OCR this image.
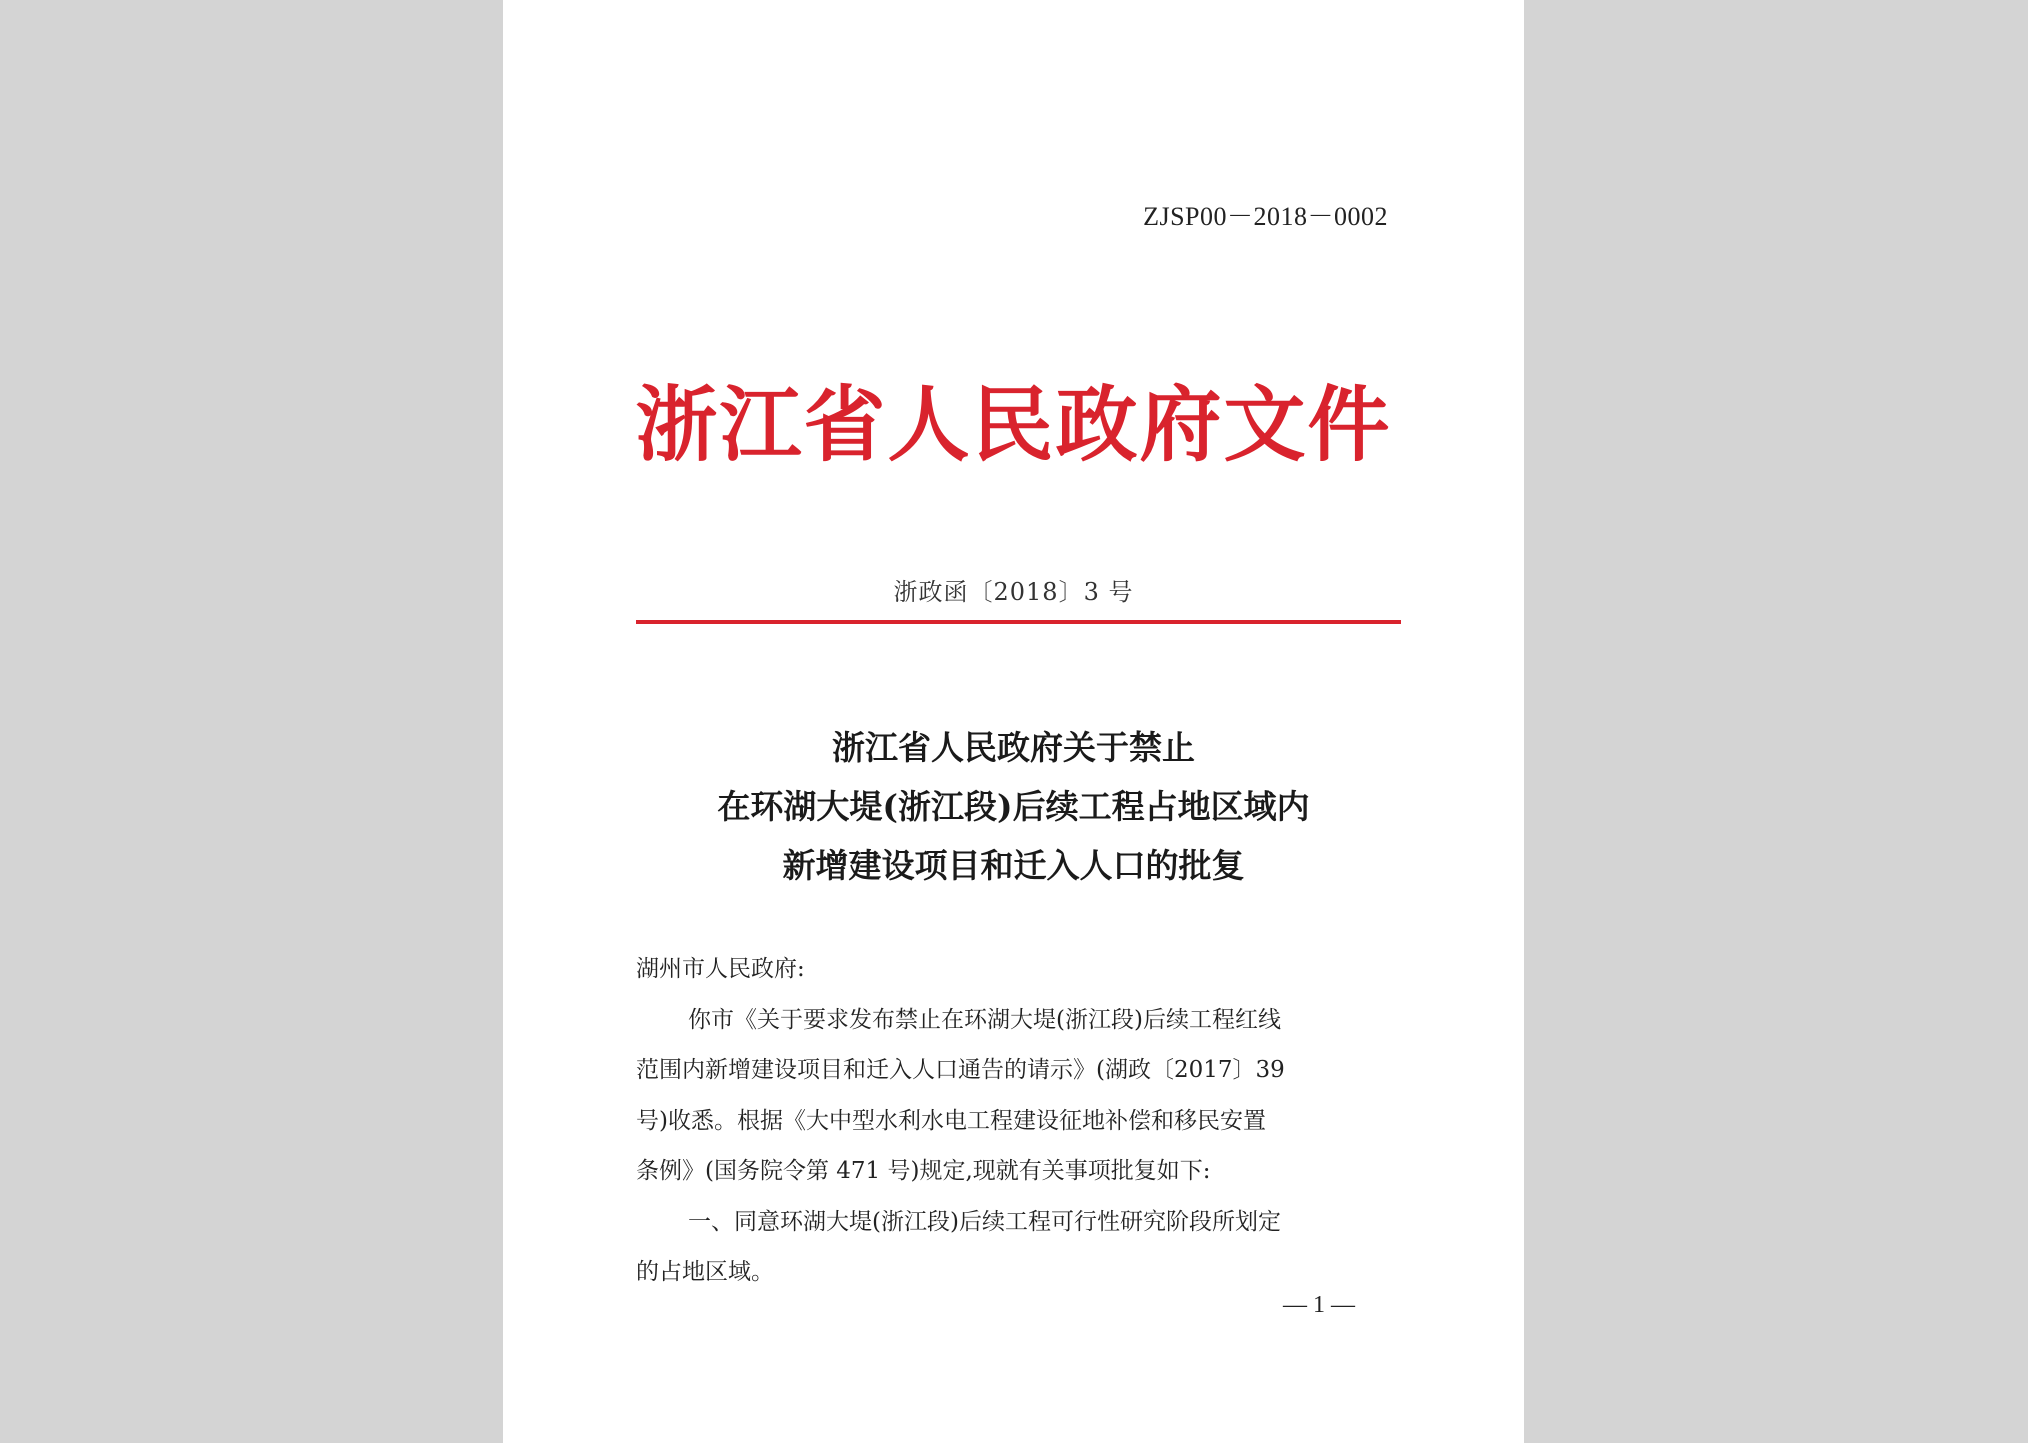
ZJSP00－2018－0002
浙江省人民政府文件
浙政函〔2018〕3 号
浙江省人民政府关于禁止
在环湖大堤(浙江段)后续工程占地区域内
新增建设项目和迁入人口的批复

湖州市人民政府:

你市《关于要求发布禁止在环湖大堤(浙江段)后续工程红线

范围内新增建设项目和迁入人口通告的请示》(湖政〔2017〕39

号)收悉。根据《大中型水利水电工程建设征地补偿和移民安置

条例》(国务院令第 471 号)规定,现就有关事项批复如下:

一、同意环湖大堤(浙江段)后续工程可行性研究阶段所划定

的占地区域。

— 1 —
